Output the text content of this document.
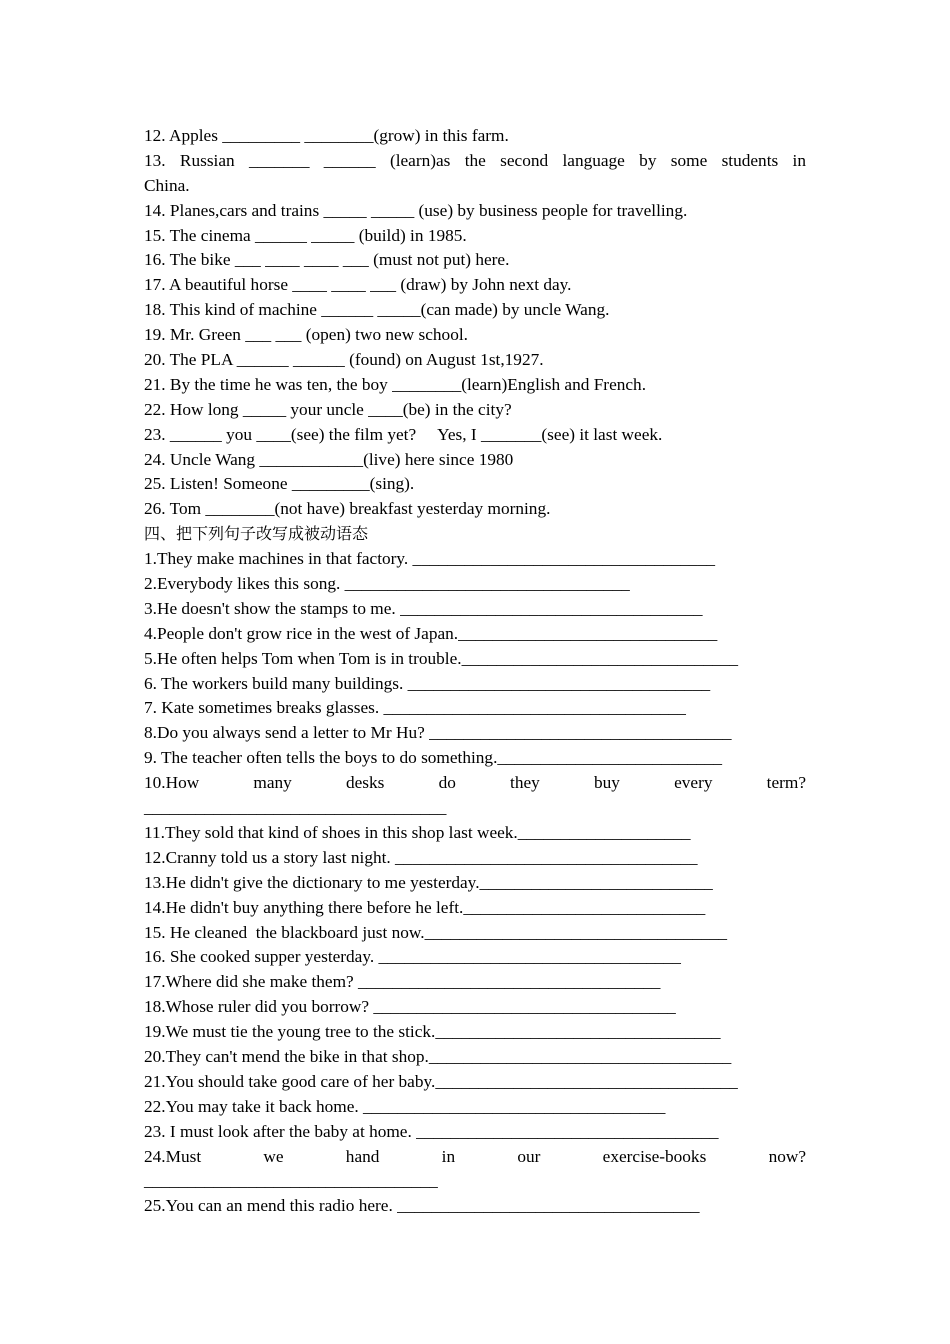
12. Apples _________ ________(grow) in this farm.
13. Russian _______ ______ (learn)as the second language by some students in
China.
14. Planes,cars and trains _____ _____ (use) by business people for travelling.
15. The cinema ______ _____ (build) in 1985.
16. The bike ___ ____ ____ ___ (must not put) here.
17. A beautiful horse ____ ____ ___ (draw) by John next day.
18. This kind of machine ______ _____(can made) by uncle Wang.
19. Mr. Green ___ ___ (open) two new school.
20. The PLA ______ ______ (found) on August 1st,1927.
21. By the time he was ten, the boy ________(learn)English and French.
22. How long _____ your uncle ____(be) in the city?
23. ______ you ____(see) the film yet?     Yes, I _______(see) it last week.
24. Uncle Wang ____________(live) here since 1980
25. Listen! Someone _________(sing).
26. Tom ________(not have) breakfast yesterday morning.
四、把下列句子改写成被动语态
1.They make machines in that factory. ___________________________________
2.Everybody likes this song. _________________________________
3.He doesn't show the stamps to me. ___________________________________
4.People don't grow rice in the west of Japan.______________________________
5.He often helps Tom when Tom is in trouble.________________________________
6. The workers build many buildings. ___________________________________
7. Kate sometimes breaks glasses. ___________________________________
8.Do you always send a letter to Mr Hu? ___________________________________
9. The teacher often tells the boys to do something.__________________________
10.How many desks do they buy every term?
___________________________________
11.They sold that kind of shoes in this shop last week.____________________
12.Cranny told us a story last night. ___________________________________
13.He didn't give the dictionary to me yesterday.___________________________
14.He didn't buy anything there before he left.____________________________
15. He cleaned  the blackboard just now.___________________________________
16. She cooked supper yesterday. ___________________________________
17.Where did she make them? ___________________________________
18.Whose ruler did you borrow? ___________________________________
19.We must tie the young tree to the stick._________________________________
20.They can't mend the bike in that shop.___________________________________
21.You should take good care of her baby.___________________________________
22.You may take it back home. ___________________________________
23. I must look after the baby at home. ___________________________________
24.Must we hand in our exercise-books now?
__________________________________
25.You can an mend this radio here. ___________________________________
